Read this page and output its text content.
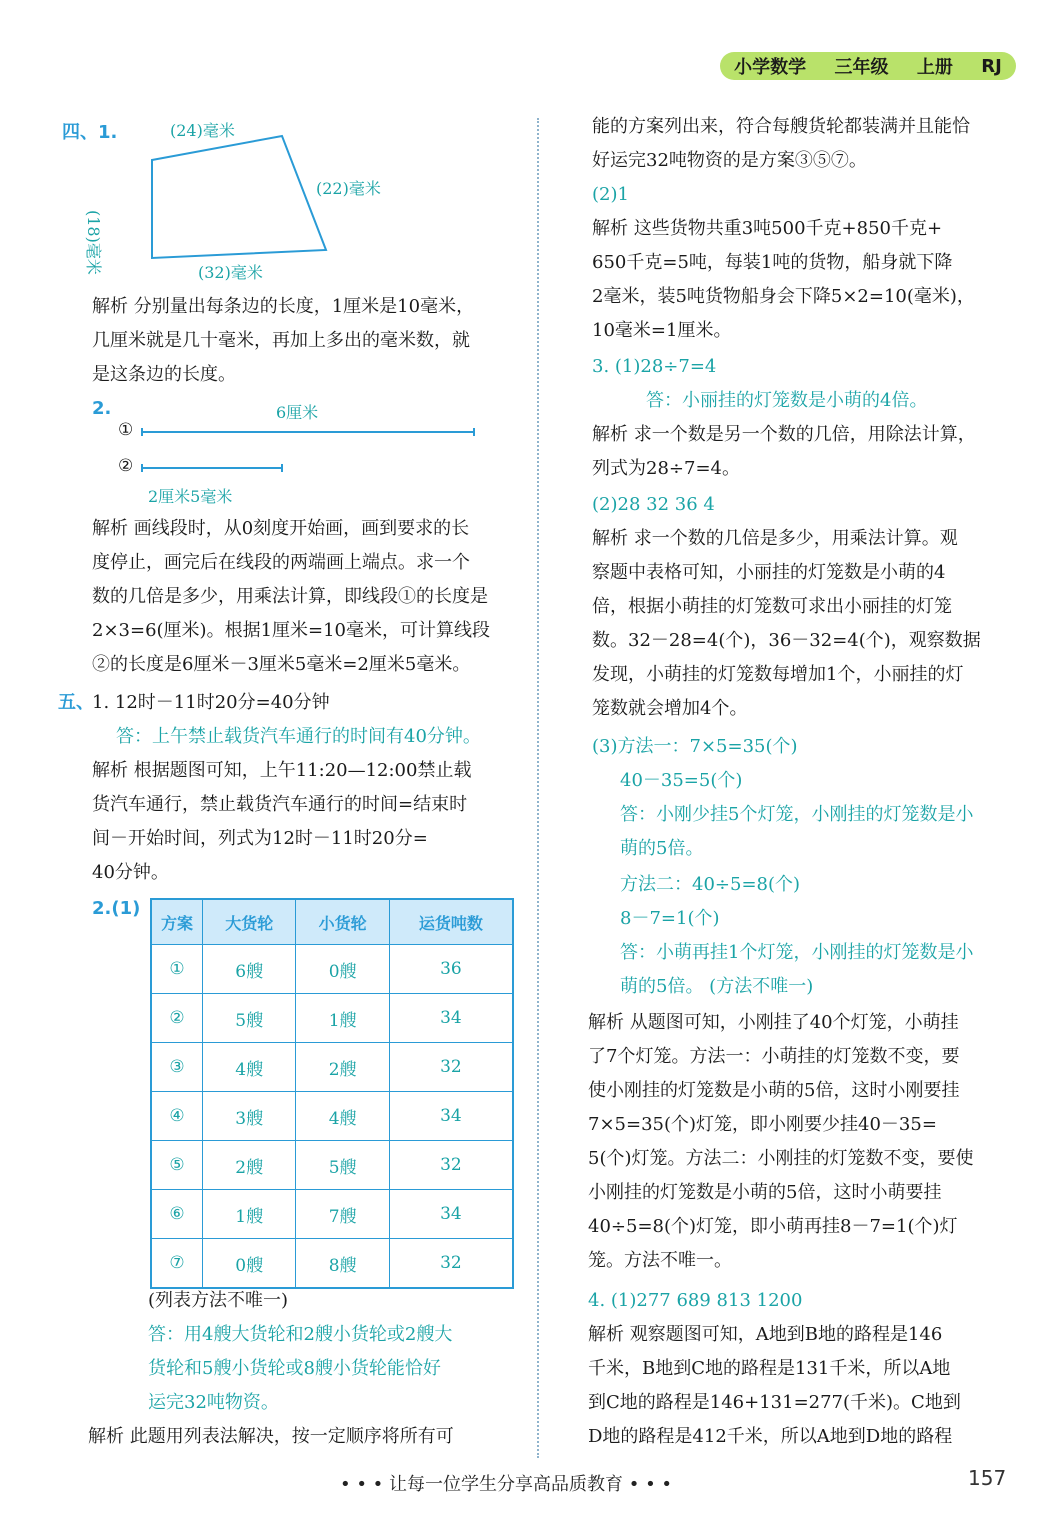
小学数学 三年级 上册 RJ
四、1.	(24)毫米
(18)毫米
(22)毫米
(32)毫米
解析 分别量出每条边的长度，1厘米是10毫米，
几厘米就是几十毫米，再加上多出的毫米数，就
是这条边的长度。
2.	6厘米
①
②
2厘米5毫米
解析 画线段时，从0刻度开始画，画到要求的长
度停止，画完后在线段的两端画上端点。求一个
数的几倍是多少，用乘法计算，即线段①的长度是
2×3=6(厘米)。根据1厘米=10毫米，可计算线段
②的长度是6厘米－3厘米5毫米=2厘米5毫米。
五、
1. 12时－11时20分=40分钟
答：上午禁止载货汽车通行的时间有40分钟。
解析 根据题图可知，上午11:20—12:00禁止载
货汽车通行，禁止载货汽车通行的时间=结束时
间－开始时间，列式为12时－11时20分=
40分钟。
2.(1)
方案	大货轮	小货轮	运货吨数
①	6艘	0艘	36
②	5艘	1艘	34
③	4艘	2艘	32
④	3艘	4艘	34
⑤	2艘	5艘	32
⑥	1艘	7艘	34
⑦	0艘	8艘	32
(列表方法不唯一)
答：用4艘大货轮和2艘小货轮或2艘大
货轮和5艘小货轮或8艘小货轮能恰好
运完32吨物资。
解析 此题用列表法解决，按一定顺序将所有可
能的方案列出来，符合每艘货轮都装满并且能恰
好运完32吨物资的是方案③⑤⑦。
(2)1
解析 这些货物共重3吨500千克+850千克+
650千克=5吨，每装1吨的货物，船身就下降
2毫米，装5吨货物船身会下降5×2=10(毫米)，
10毫米=1厘米。
3. (1)28÷7=4
答：小丽挂的灯笼数是小萌的4倍。
解析 求一个数是另一个数的几倍，用除法计算，
列式为28÷7=4。
(2)28 32 36 4
解析 求一个数的几倍是多少，用乘法计算。观
察题中表格可知，小丽挂的灯笼数是小萌的4
倍，根据小萌挂的灯笼数可求出小丽挂的灯笼
数。32－28=4(个)，36－32=4(个)，观察数据
发现，小萌挂的灯笼数每增加1个，小丽挂的灯
笼数就会增加4个。
(3)方法一：7×5=35(个)
40－35=5(个)
答：小刚少挂5个灯笼，小刚挂的灯笼数是小
萌的5倍。
方法二：40÷5=8(个)
8－7=1(个)
答：小萌再挂1个灯笼，小刚挂的灯笼数是小
萌的5倍。 (方法不唯一)
解析 从题图可知，小刚挂了40个灯笼，小萌挂
了7个灯笼。方法一：小萌挂的灯笼数不变，要
使小刚挂的灯笼数是小萌的5倍，这时小刚要挂
7×5=35(个)灯笼，即小刚要少挂40－35=
5(个)灯笼。方法二：小刚挂的灯笼数不变，要使
小刚挂的灯笼数是小萌的5倍，这时小萌要挂
40÷5=8(个)灯笼，即小萌再挂8－7=1(个)灯
笼。方法不唯一。
4. (1)277 689 813 1200
解析 观察题图可知，A地到B地的路程是146
千米，B地到C地的路程是131千米，所以A地
到C地的路程是146+131=277(千米)。C地到
D地的路程是412千米，所以A地到D地的路程
• • • 让每一位学生分享高品质教育 • • •	157
